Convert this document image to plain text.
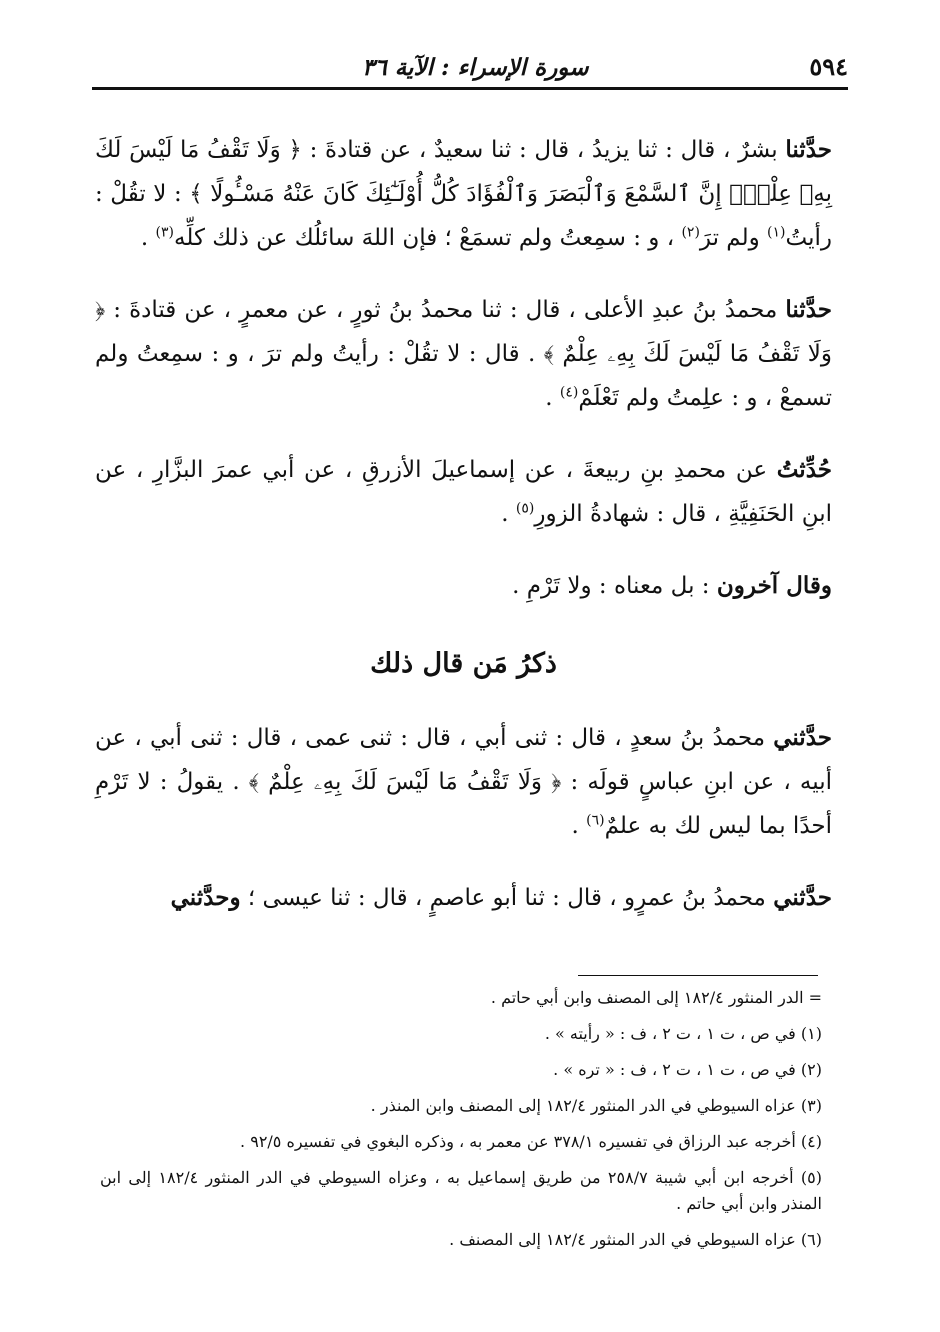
٥٩٤
سورة الإسراء : الآية ٣٦

حدَّثنا بشرٌ ، قال : ثنا يزيدُ ، قال : ثنا سعيدٌ ، عن قتادةَ : ﴿ وَلَا تَقْفُ مَا لَيْسَ لَكَ بِهِۦ عِلْمٌۚ إِنَّ ٱلسَّمْعَ وَٱلْبَصَرَ وَٱلْفُؤَادَ كُلُّ أُوْلَـٰٓئِكَ كَانَ عَنْهُ مَسْـُٔولًا ﴾ : لا تقُلْ : رأيتُ$^{(١)}$ ولم ترَ$^{(٢)}$ ، و : سمِعتُ ولم تسمَعْ ؛ فإن اللهَ سائلُك عن ذلك كلِّه$^{(٣)}$ .

حدَّثنا محمدُ بنُ عبدِ الأعلى ، قال : ثنا محمدُ بنُ ثورٍ ، عن معمرٍ ، عن قتادةَ : ﴿ وَلَا تَقْفُ مَا لَيْسَ لَكَ بِهِۦ عِلْمٌ ﴾ . قال : لا تقُلْ : رأيتُ ولم ترَ ، و : سمِعتُ ولم تسمعْ ، و : علِمتُ ولم تَعْلَمْ$^{(٤)}$ .

حُدِّثتُ عن محمدِ بنِ ربيعةَ ، عن إسماعيلَ الأزرقِ ، عن أبي عمرَ البزَّارِ ، عن ابنِ الحَنَفِيَّةِ ، قال : شهادةُ الزورِ$^{(٥)}$ .

وقال آخرون : بل معناه : ولا تَرْمِ .

ذكرُ مَن قال ذلك

حدَّثني محمدُ بنُ سعدٍ ، قال : ثنى أبي ، قال : ثنى عمى ، قال : ثنى أبي ، عن أبيه ، عن ابنِ عباسٍ قولَه : ﴿ وَلَا تَقْفُ مَا لَيْسَ لَكَ بِهِۦ عِلْمٌ ﴾ . يقولُ : لا تَرْمِ أحدًا بما ليس لك به علمٌ$^{(٦)}$ .

حدَّثني محمدُ بنُ عمرٍو ، قال : ثنا أبو عاصمٍ ، قال : ثنا عيسى ؛ وحدَّثني

= الدر المنثور ١٨٢/٤ إلى المصنف وابن أبي حاتم .

(١) في ص ، ت ١ ، ت ٢ ، ف : « رأيته » .

(٢) في ص ، ت ١ ، ت ٢ ، ف : « تره » .

(٣) عزاه السيوطي في الدر المنثور ١٨٢/٤ إلى المصنف وابن المنذر .

(٤) أخرجه عبد الرزاق في تفسيره ٣٧٨/١ عن معمر به ، وذكره البغوي في تفسيره ٩٢/٥ .

(٥) أخرجه ابن أبي شيبة ٢٥٨/٧ من طريق إسماعيل به ، وعزاه السيوطي في الدر المنثور ١٨٢/٤ إلى ابن المنذر وابن أبي حاتم .

(٦) عزاه السيوطي في الدر المنثور ١٨٢/٤ إلى المصنف .
